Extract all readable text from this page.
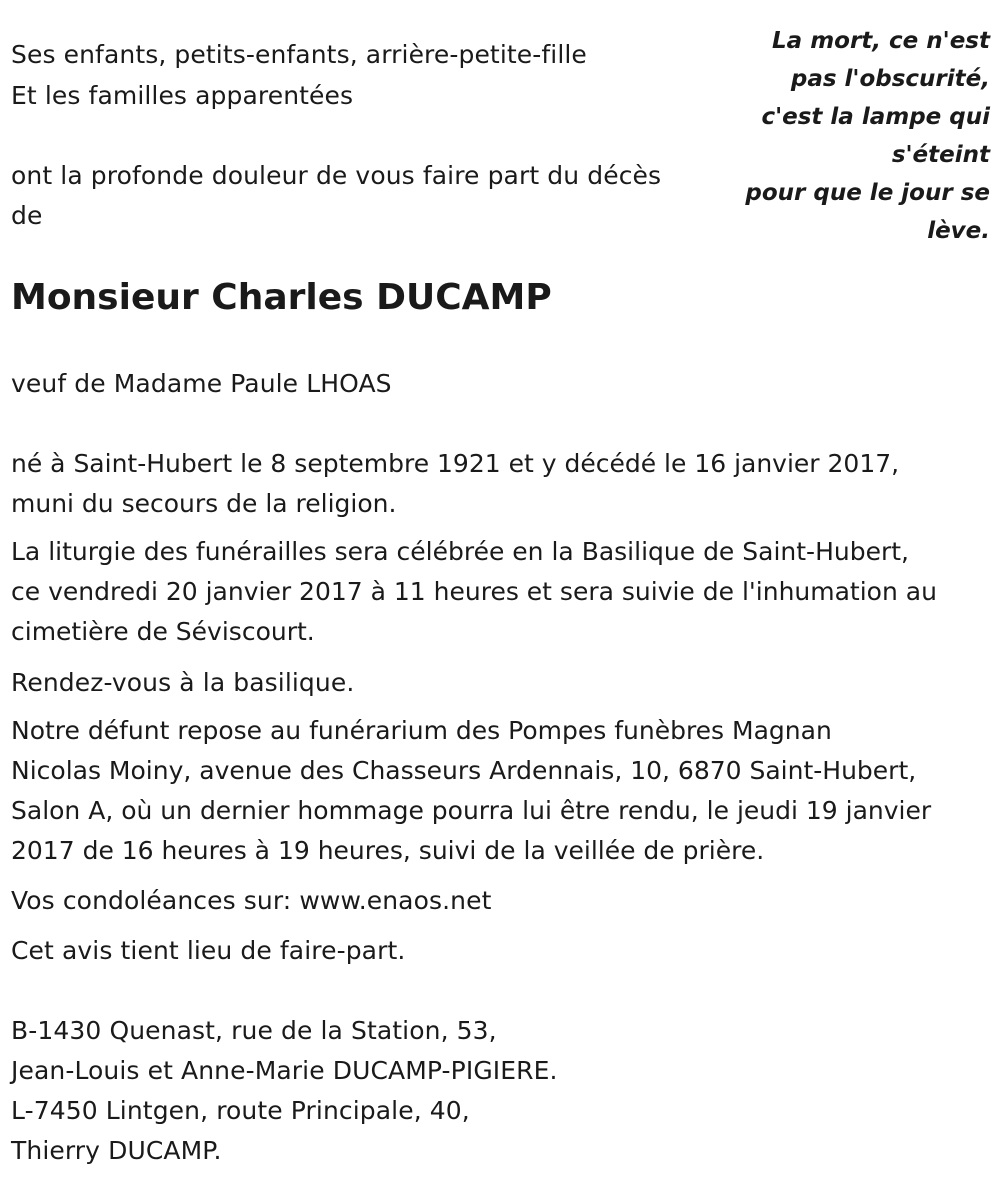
La mort, ce n'est
pas l'obscurité,
c'est la lampe qui
s'éteint
pour que le jour se
lève.
Ses enfants, petits-enfants, arrière-petite-fille
Et les familles apparentées
ont la profonde douleur de vous faire part du décès
de
Monsieur Charles DUCAMP
veuf de Madame Paule LHOAS
né à Saint-Hubert le 8 septembre 1921 et y décédé le 16 janvier 2017,
muni du secours de la religion.
La liturgie des funérailles sera célébrée en la Basilique de Saint-Hubert,
ce vendredi 20 janvier 2017 à 11 heures et sera suivie de l'inhumation au
cimetière de Séviscourt.
Rendez-vous à la basilique.
Notre défunt repose au funérarium des Pompes funèbres Magnan
Nicolas Moiny, avenue des Chasseurs Ardennais, 10, 6870 Saint-Hubert,
Salon A, où un dernier hommage pourra lui être rendu, le jeudi 19 janvier
2017 de 16 heures à 19 heures, suivi de la veillée de prière.
Vos condoléances sur: www.enaos.net
Cet avis tient lieu de faire-part.
B-1430 Quenast, rue de la Station, 53,
Jean-Louis et Anne-Marie DUCAMP-PIGIERE.
L-7450 Lintgen, route Principale, 40,
Thierry DUCAMP.
